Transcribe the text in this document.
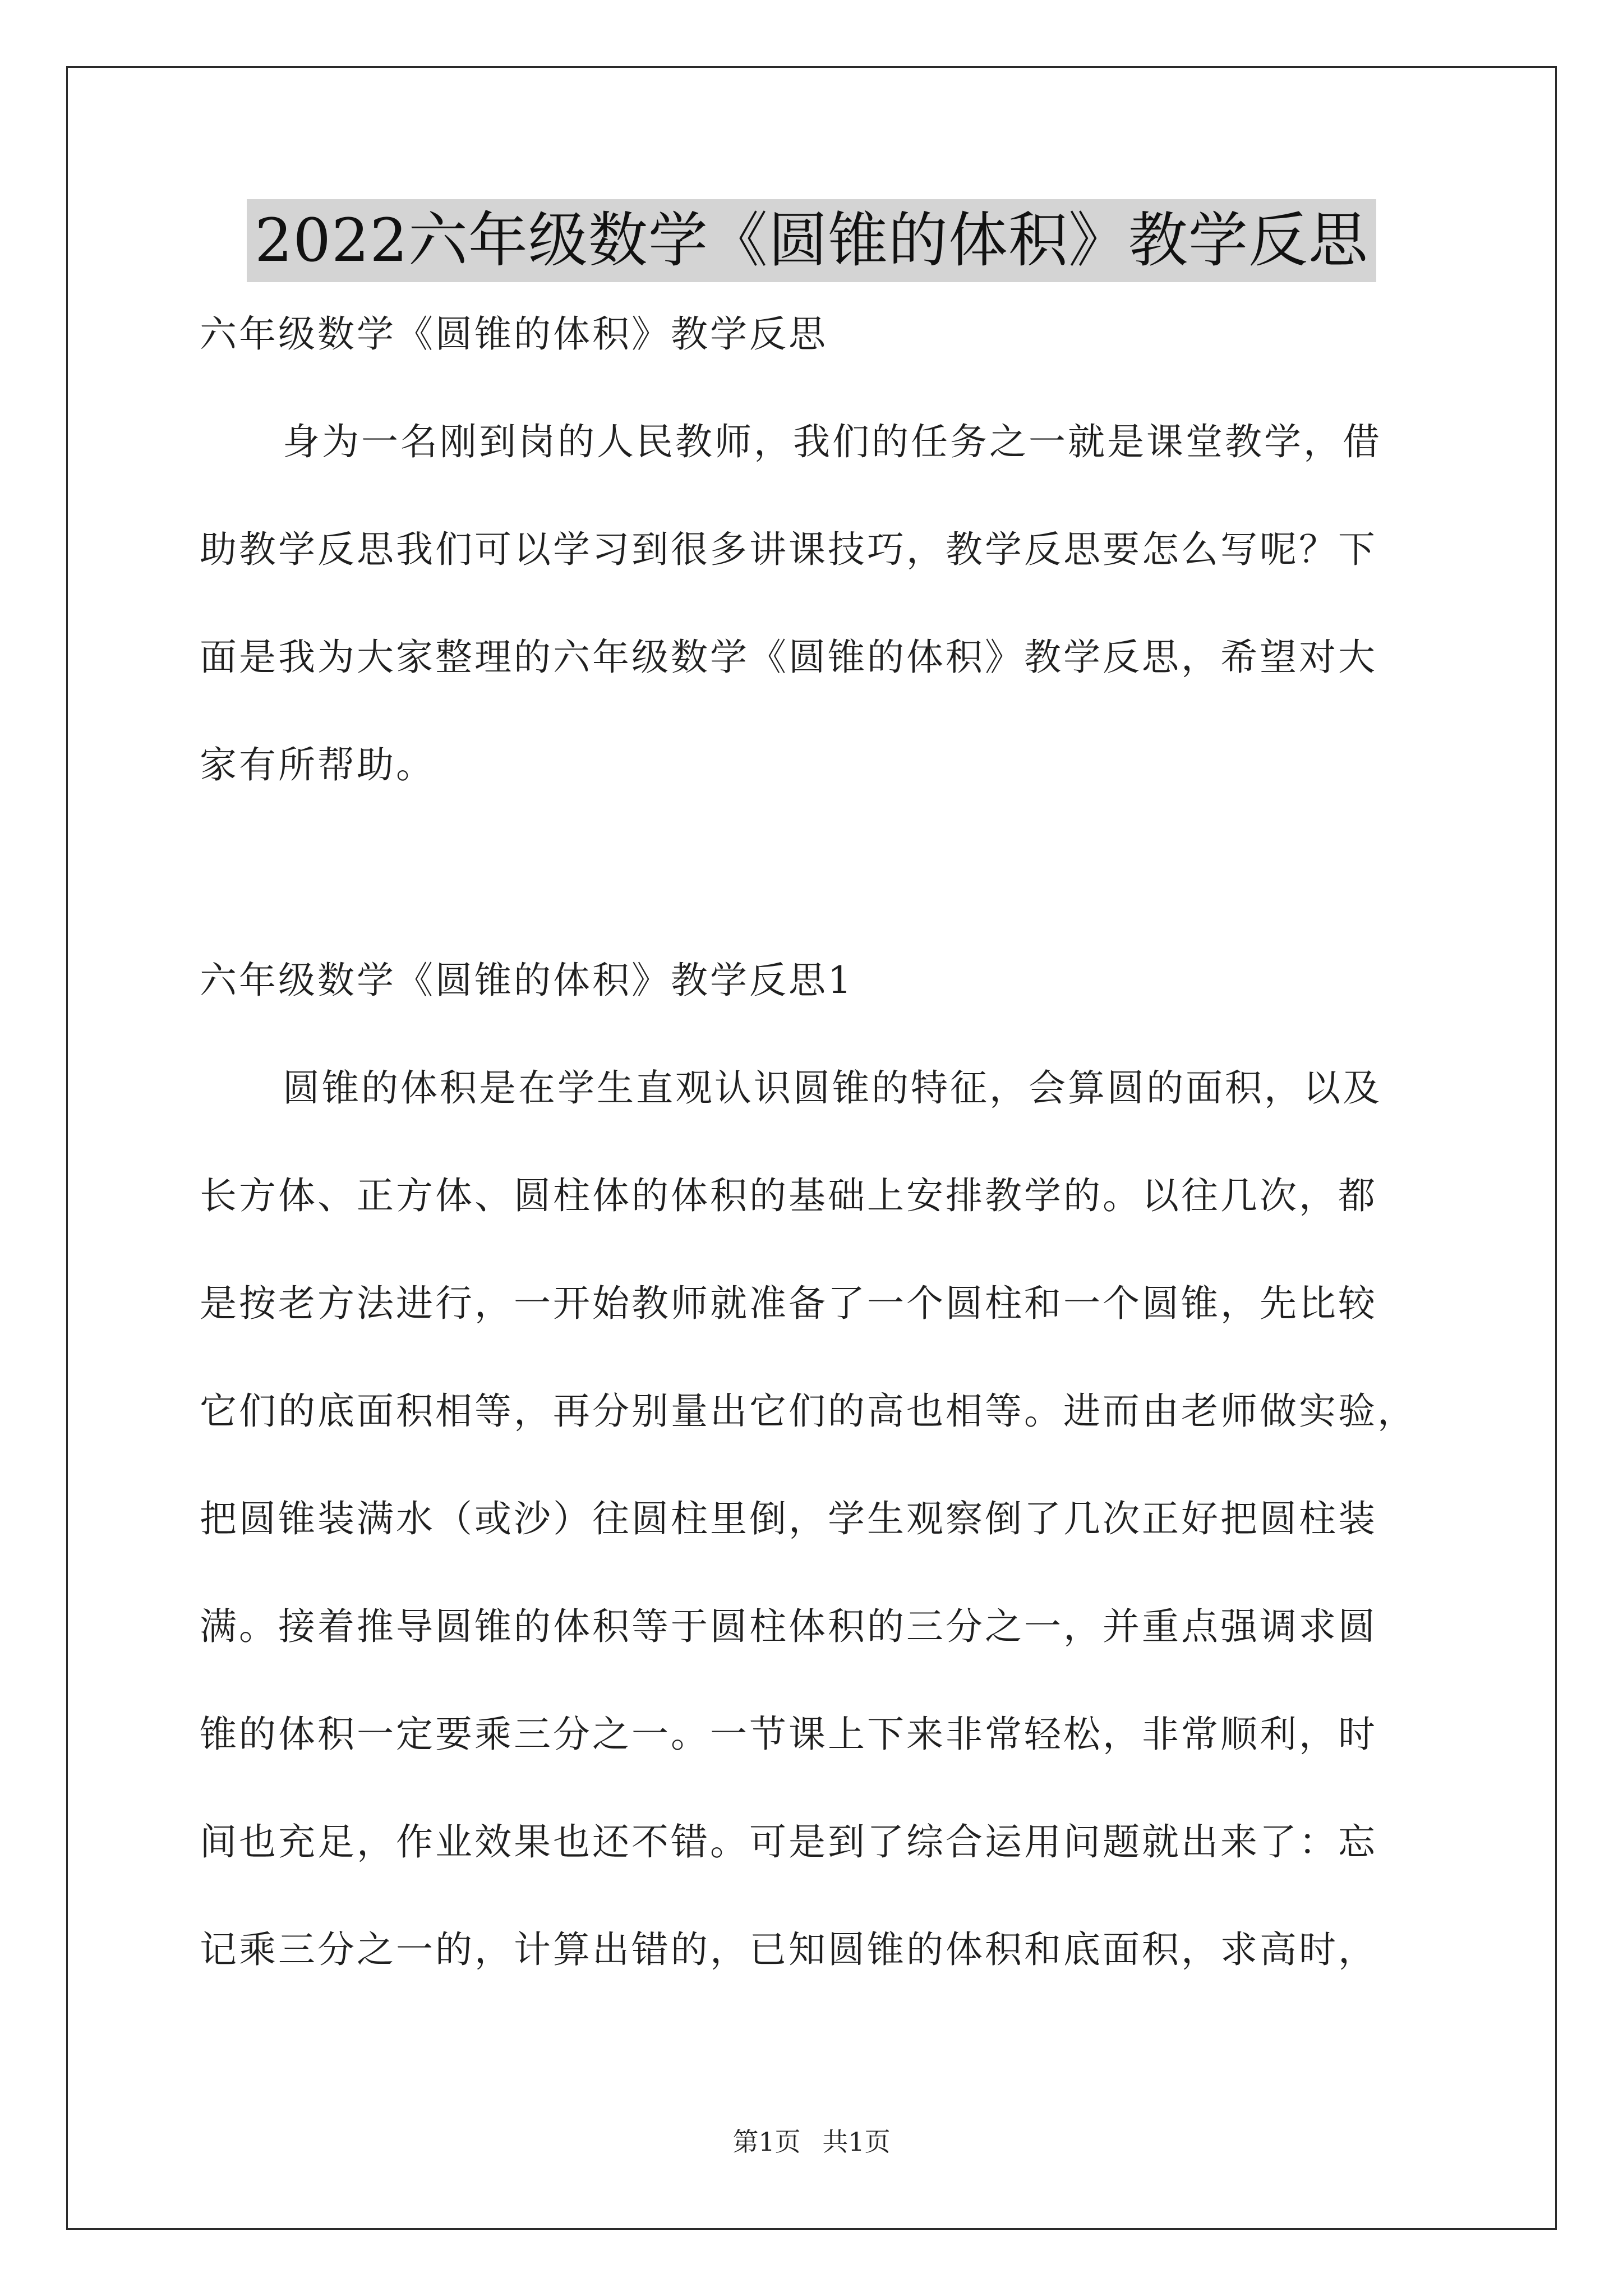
2022六年级数学《圆锥的体积》教学反思
六年级数学《圆锥的体积》教学反思
身为一名刚到岗的人民教师，我们的任务之一就是课堂教学，借
助教学反思我们可以学习到很多讲课技巧，教学反思要怎么写呢？下
面是我为大家整理的六年级数学《圆锥的体积》教学反思，希望对大
家有所帮助。
六年级数学《圆锥的体积》教学反思1
圆锥的体积是在学生直观认识圆锥的特征，会算圆的面积，以及
长方体、正方体、圆柱体的体积的基础上安排教学的。以往几次，都
是按老方法进行，一开始教师就准备了一个圆柱和一个圆锥，先比较
它们的底面积相等，再分别量出它们的高也相等。进而由老师做实验，
把圆锥装满水（或沙）往圆柱里倒，学生观察倒了几次正好把圆柱装
满。接着推导圆锥的体积等于圆柱体积的三分之一，并重点强调求圆
锥的体积一定要乘三分之一。一节课上下来非常轻松，非常顺利，时
间也充足，作业效果也还不错。可是到了综合运用问题就出来了：忘
记乘三分之一的，计算出错的，已知圆锥的体积和底面积，求高时，
第1页 共1页
